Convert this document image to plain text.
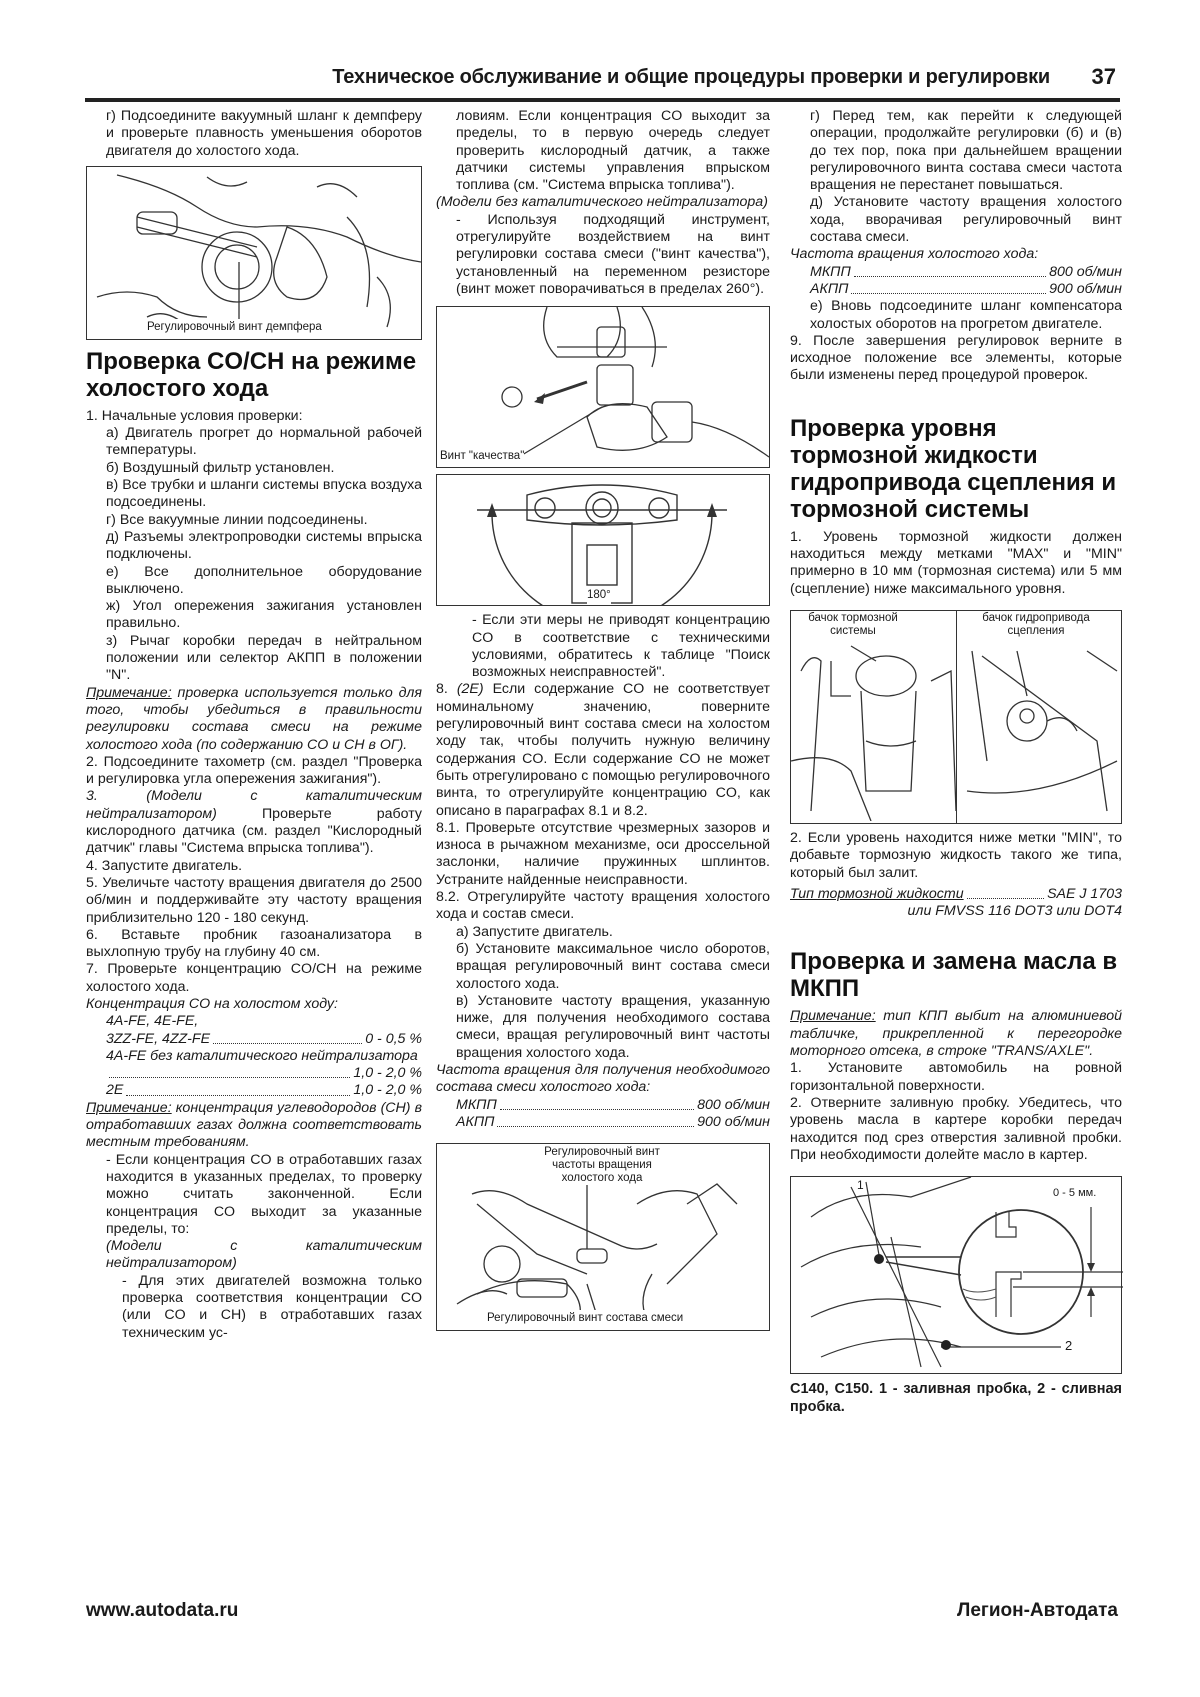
Техническое обслуживание и общие процедуры проверки и регулировки 37

г) Подсоедините вакуумный шланг к демпферу и проверьте плавность уменьшения оборотов двигателя до холостого хода.

Регулировочный винт демпфера
Проверка CO/CH на режиме холостого хода

1. Начальные условия проверки:

а) Двигатель прогрет до нормальной рабочей температуры.

б) Воздушный фильтр установлен.

в) Все трубки и шланги системы впуска воздуха подсоединены.

г) Все вакуумные линии подсоединены.

д) Разъемы электропроводки системы впрыска подключены.

е) Все дополнительное оборудование выключено.

ж) Угол опережения зажигания установлен правильно.

з) Рычаг коробки передач в нейтральном положении или селектор АКПП в положении "N".

Примечание: проверка используется только для того, чтобы убедиться в правильности регулировки состава смеси на режиме холостого хода (по содержанию CO и CH в ОГ).

2. Подсоедините тахометр (см. раздел "Проверка и регулировка угла опережения зажигания").

3. (Модели с каталитическим нейтрализатором) Проверьте работу кислородного датчика (см. раздел "Кислородный датчик" главы "Система впрыска топлива").

4. Запустите двигатель.

5. Увеличьте частоту вращения двигателя до 2500 об/мин и поддерживайте эту частоту вращения приблизительно 120 - 180 секунд.

6. Вставьте пробник газоанализатора в выхлопную трубу на глубину 40 см.

7. Проверьте концентрацию CO/CH на режиме холостого хода.

Концентрация CO на холостом ходу:

4A-FE, 4E-FE,
3ZZ-FE, 4ZZ-FE	0 - 0,5 %
4A-FE без каталитического нейтрализатора
1,0 - 2,0 %
2E	1,0 - 2,0 %

Примечание: концентрация углеводородов (CH) в отработавших газах должна соответствовать местным требованиям.

- Если концентрация CO в отработавших газах находится в указанных пределах, то проверку можно считать законченной. Если концентрация CO выходит за указанные пределы, то:

(Модели с каталитическим нейтрализатором)

- Для этих двигателей возможна только проверка соответствия концентрации CO (или CO и CH) в отработавших газах техническим ус-

ловиям. Если концентрация CO выходит за пределы, то в первую очередь следует проверить кислородный датчик, а также датчики системы управления впрыском топлива (см. "Система впрыска топлива").

(Модели без каталитического нейтрализатора)

- Используя подходящий инструмент, отрегулируйте воздействием на винт регулировки состава смеси ("винт качества"), установленный на переменном резисторе (винт может поворачиваться в пределах 260°).

Винт "качества"
180°

- Если эти меры не приводят концентрацию CO в соответствие с техническими условиями, обратитесь к таблице "Поиск возможных неисправностей".

8. (2E) Если содержание CO не соответствует номинальному значению, поверните регулировочный винт состава смеси на холостом ходу так, чтобы получить нужную величину содержания CO. Если содержание CO не может быть отрегулировано с помощью регулировочного винта, то отрегулируйте концентрацию CO, как описано в параграфах 8.1 и 8.2.

8.1. Проверьте отсутствие чрезмерных зазоров и износа в рычажном механизме, оси дроссельной заслонки, наличие пружинных шплинтов. Устраните найденные неисправности.

8.2. Отрегулируйте частоту вращения холостого хода и состав смеси.

а) Запустите двигатель.

б) Установите максимальное число оборотов, вращая регулировочный винт состава смеси холостого хода.

в) Установите частоту вращения, указанную ниже, для получения необходимого состава смеси, вращая регулировочный винт частоты вращения холостого хода.

Частота вращения для получения необходимого состава смеси холостого хода:

МКПП	800 об/мин
АКПП	900 об/мин
Регулировочный винт частоты вращения холостого хода
Регулировочный винт состава смеси

г) Перед тем, как перейти к следующей операции, продолжайте регулировки (б) и (в) до тех пор, пока при дальнейшем вращении регулировочного винта состава смеси частота вращения не перестанет повышаться.

д) Установите частоту вращения холостого хода, вворачивая регулировочный винт состава смеси.

Частота вращения холостого хода:

МКПП	800 об/мин
АКПП	900 об/мин

е) Вновь подсоедините шланг компенсатора холостых оборотов на прогретом двигателе.

9. После завершения регулировок верните в исходное положение все элементы, которые были изменены перед процедурой проверок.

Проверка уровня тормозной жидкости гидропривода сцепления и тормозной системы

1. Уровень тормозной жидкости должен находиться между метками "MAX" и "MIN" примерно в 10 мм (тормозная система) или 5 мм (сцепление) ниже максимального уровня.

бачок тормозной системы
бачок гидропривода сцепления

2. Если уровень находится ниже метки "MIN", то добавьте тормозную жидкость такого же типа, который был залит.

Тип тормозной жидкости	SAE J 1703

или FMVSS 116 DOT3 или DOT4

Проверка и замена масла в МКПП

Примечание: тип КПП выбит на алюминиевой табличке, прикрепленной к перегородке моторного отсека, в строке "TRANS/AXLE".

1. Установите автомобиль на ровной горизонтальной поверхности.

2. Отверните заливную пробку. Убедитесь, что уровень масла в картере коробки передач находится под срез отверстия заливной пробки. При необходимости долейте масло в картер.

0 - 5 мм.
1
2

C140, C150. 1 - заливная пробка, 2 - сливная пробка.

www.autodata.ru	Легион-Автодата
